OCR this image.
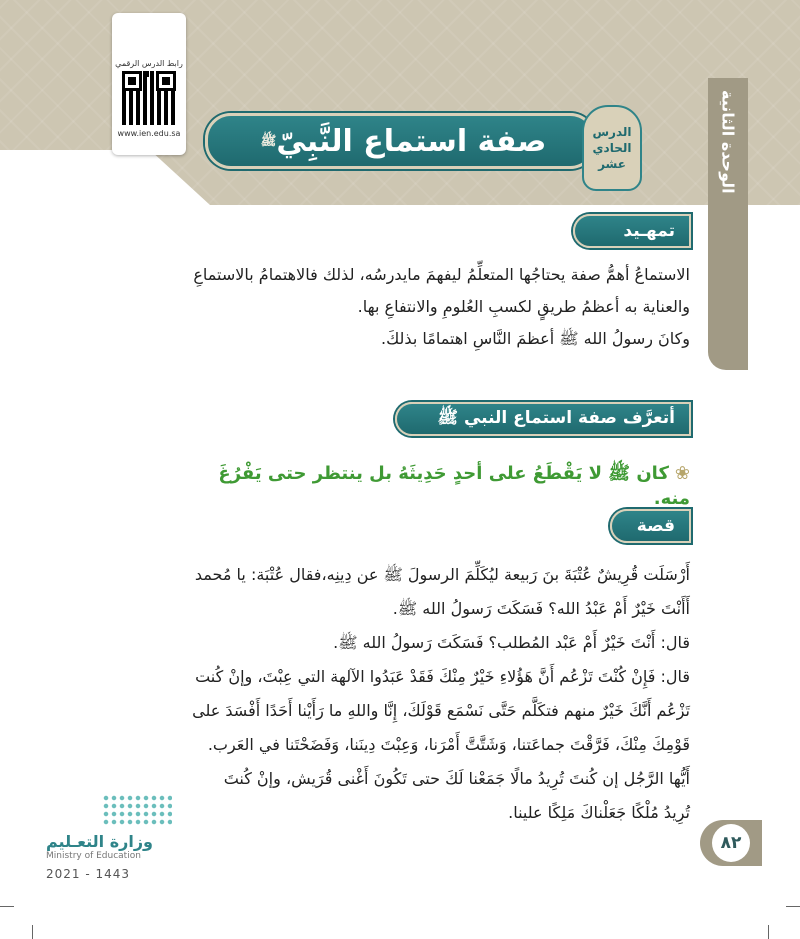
الوحدة الثانية
رابط الدرس الرقمي
www.ien.edu.sa	صفة استماع النَّبِيّﷺ
الدرس
الحادي
عشر
تمهـيد

الاستماعُ أهمُّ صفة يحتاجُها المتعلِّمُ ليفهمَ مايدرسُه، لذلك فالاهتمامُ بالاستماعِ

والعناية به أعظمُ طريقٍ لكسبِ العُلومِ والانتفاعِ بها.

وكانَ رسولُ الله ﷺ أعظمَ النَّاسِ اهتمامًا بذلكَ.

أتعرَّف صفة استماع النبي ﷺ
❀كان ﷺ لا يَقْطَعُ على أحدٍ حَدِيثَهُ بل ينتظر حتى يَفْرُغَ منه.
قصة

أَرْسَلَت قُرِيشٌ عُتْبَةَ بنَ رَبيعة ليُكَلِّمَ الرسولَ ﷺ عن دِينِه،فقال عُتْبَة: يا مُحمد

أَأَنْتَ خَيْرٌ أَمْ عَبْدُ الله؟ فَسَكَتَ رَسولُ الله ﷺ.

قال: أَنْتَ خَيْرٌ أَمْ عَبْد المُطلب؟ فَسَكَتَ رَسولُ الله ﷺ.

قال: فَإِنْ كُنْتَ تَزْعُم أَنَّ هَؤُلاءِ خَيْرٌ مِنْكَ فَقَدْ عَبَدُوا الآلهة التي عِبْتَ، وإنْ كُنت

تَزْعُم أَنَّكَ خَيْرٌ منهم فتكَلَّم حَتَّى نَسْمَع قَوْلَكَ، إِنَّا واللهِ ما رَأَيْنا أَحَدًا أَفْسَدَ على

قَوْمِكَ مِنْكَ، فَرَّقْتَ جماعَتنا، وَشَتَّتَّ أَمْرَنا، وَعِبْتَ دِينَنا، وَفَضَحْتَنا في العَرب.

أَيُّها الرَّجُل إن كُنتَ تُرِيدُ مالًا جَمَعْنا لَكَ حتى تَكُونَ أَغْنى قُرَيش، وإنْ كُنتَ

تُرِيدُ مُلْكًا جَعَلْناكَ مَلِكًا علينا.

وزارة التعـليم
Ministry of Education
2021 - 1443
٨٢
